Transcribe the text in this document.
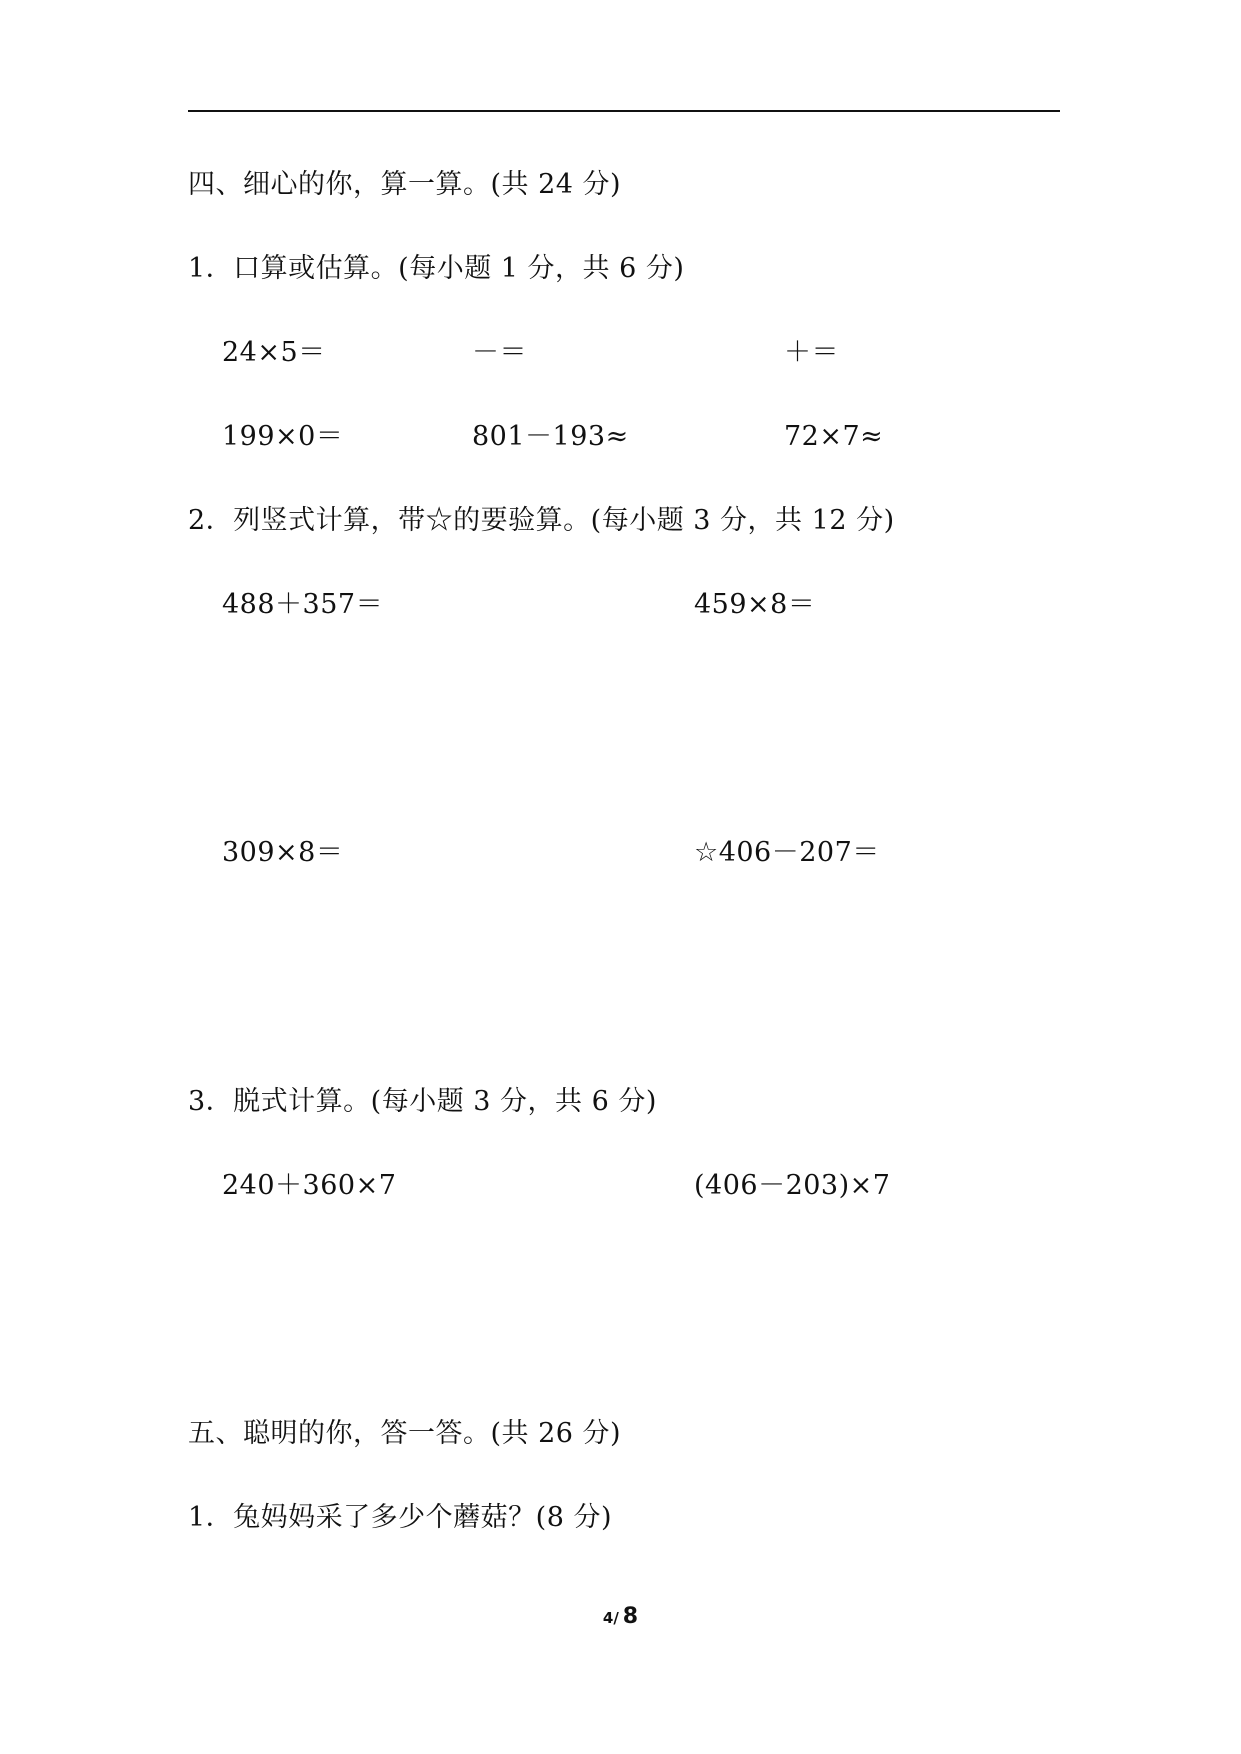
四、细心的你，算一算。(共 24 分)
1．口算或估算。(每小题 1 分，共 6 分)
24×5＝	－＝	＋＝
199×0＝	801－193≈	72×7≈
2．列竖式计算，带☆的要验算。(每小题 3 分，共 12 分)
488＋357＝	459×8＝
309×8＝	☆406－207＝
3．脱式计算。(每小题 3 分，共 6 分)
240＋360×7	(406－203)×7
五、聪明的你，答一答。(共 26 分)
1．兔妈妈采了多少个蘑菇？(8 分)
4/ 8
